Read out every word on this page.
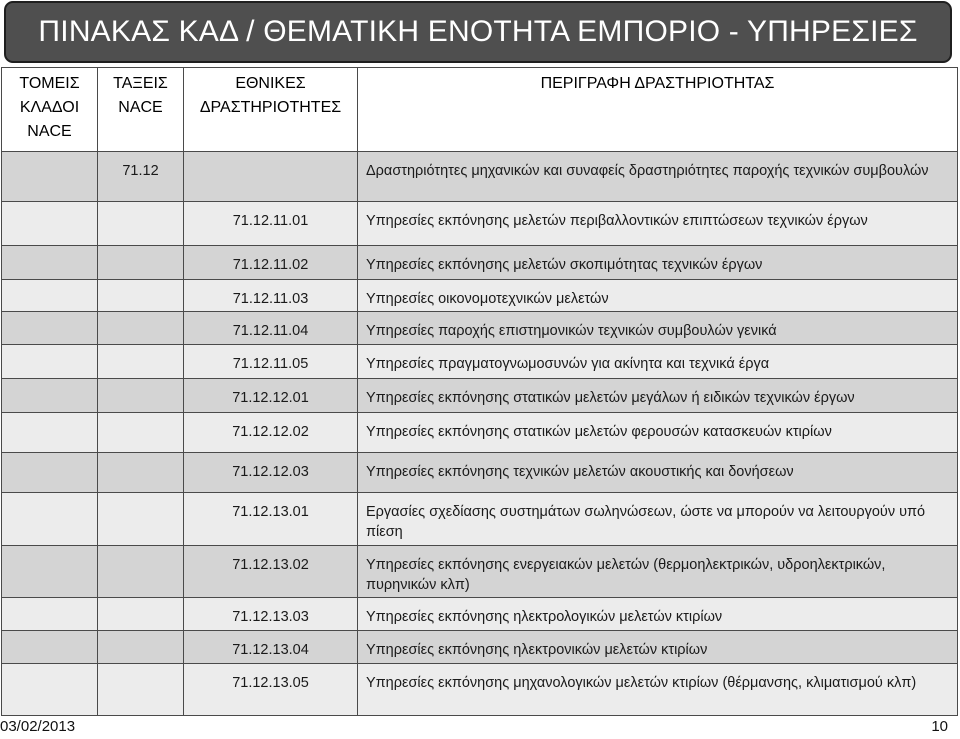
ΠΙΝΑΚΑΣ ΚΑΔ / ΘΕΜΑΤΙΚΗ ΕΝΟΤΗΤΑ ΕΜΠΟΡΙΟ - ΥΠΗΡΕΣΙΕΣ
ΤΟΜΕΙΣ ΚΛΑΔΟΙ NACE	ΤΑΞΕΙΣ NACE	ΕΘΝΙΚΕΣ ΔΡΑΣΤΗΡΙΟΤΗΤΕΣ	ΠΕΡΙΓΡΑΦΗ ΔΡΑΣΤΗΡΙΟΤΗΤΑΣ
	71.12		Δραστηριότητες μηχανικών και συναφείς δραστηριότητες παροχής τεχνικών συμβουλών
		71.12.11.01	Υπηρεσίες εκπόνησης μελετών περιβαλλοντικών επιπτώσεων τεχνικών έργων
		71.12.11.02	Υπηρεσίες εκπόνησης μελετών σκοπιμότητας τεχνικών έργων
		71.12.11.03	Υπηρεσίες οικονομοτεχνικών μελετών
		71.12.11.04	Υπηρεσίες παροχής επιστημονικών τεχνικών συμβουλών γενικά
		71.12.11.05	Υπηρεσίες πραγματογνωμοσυνών για ακίνητα και τεχνικά έργα
		71.12.12.01	Υπηρεσίες εκπόνησης στατικών μελετών μεγάλων ή ειδικών τεχνικών έργων
		71.12.12.02	Υπηρεσίες εκπόνησης στατικών μελετών φερουσών κατασκευών κτιρίων
		71.12.12.03	Υπηρεσίες εκπόνησης τεχνικών μελετών ακουστικής και δονήσεων
		71.12.13.01	Εργασίες σχεδίασης συστημάτων σωληνώσεων, ώστε να μπορούν να λειτουργούν υπό πίεση
		71.12.13.02	Υπηρεσίες εκπόνησης ενεργειακών μελετών (θερμοηλεκτρικών, υδροηλεκτρικών, πυρηνικών κλπ)
		71.12.13.03	Υπηρεσίες εκπόνησης ηλεκτρολογικών μελετών κτιρίων
		71.12.13.04	Υπηρεσίες εκπόνησης ηλεκτρονικών μελετών κτιρίων
		71.12.13.05	Υπηρεσίες εκπόνησης μηχανολογικών μελετών κτιρίων (θέρμανσης, κλιματισμού κλπ)
03/02/2013	10
